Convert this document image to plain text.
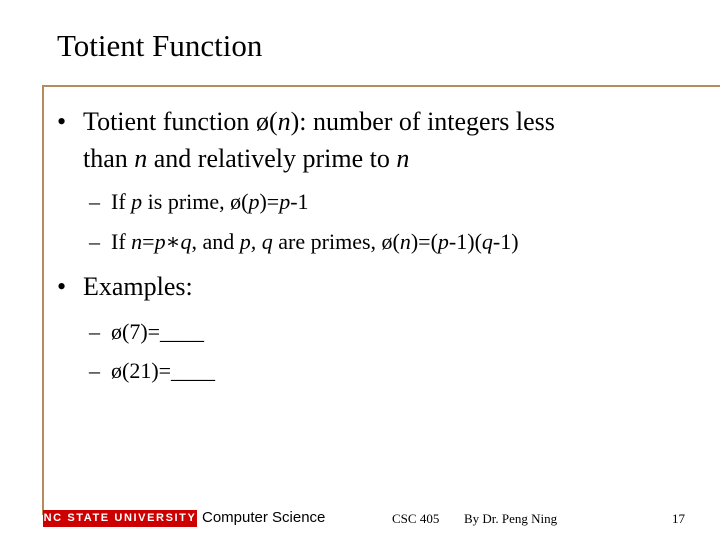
Totient Function
• Totient function ø(n): number of integers less
than n and relatively prime to n
– If p is prime, ø(p)=p-1
– If n=p∗q, and p, q are primes, ø(n)=(p-1)(q-1)
• Examples:
– ø(7)=____
– ø(21)=____
NC STATE UNIVERSITY Computer Science	CSC 405 By Dr. Peng Ning	17
